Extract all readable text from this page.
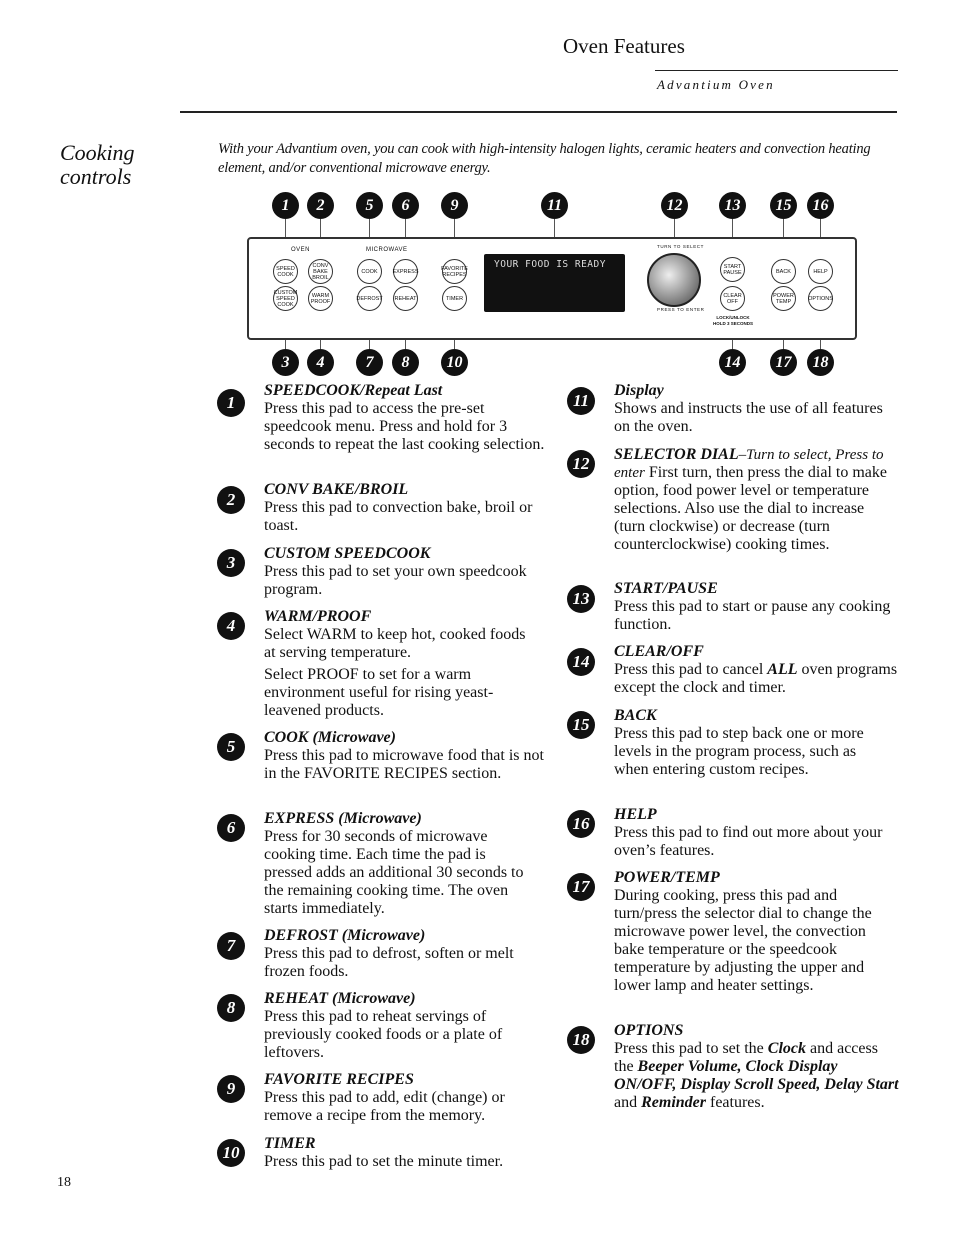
Oven Features
Advantium Oven
Cooking controls
With your Advantium oven, you can cook with high-intensity halogen lights, ceramic heaters and convection heating element, and/or conventional microwave energy.
1	2	5	6	9	11	12	13	15	16
3	4	7	8	10	14	17	18
OVEN	MICROWAVE
SPEED COOK
CONV BAKE BROIL
CUSTOM SPEED COOK
WARM PROOF
COOK	EXPRESS
DEFROST REHEAT
FAVORITE RECIPES
TIMER
START PAUSE
CLEAR OFF
BACK	HELP
POWER TEMP	OPTIONS
YOUR FOOD IS READY
TURN TO SELECT
PRESS TO ENTER
LOCK/UNLOCK HOLD 3 SECONDS
1
SPEEDCOOK/Repeat Last
Press this pad to access the pre-set speedcook menu. Press and hold for 3 seconds to repeat the last cooking selection.
2
CONV BAKE/BROIL
Press this pad to convection bake, broil or toast.
3	CUSTOM SPEEDCOOK
Press this pad to set your own speedcook program.
4	WARM/PROOF
Select WARM to keep hot, cooked foods at serving temperature.
Select PROOF to set for a warm environment useful for rising yeast-leavened products.
5	COOK (Microwave)
Press this pad to microwave food that is not in the FAVORITE RECIPES section.
6	EXPRESS (Microwave)
Press for 30 seconds of microwave cooking time. Each time the pad is pressed adds an additional 30 seconds to the remaining cooking time. The oven starts immediately.
7
DEFROST (Microwave)
Press this pad to defrost, soften or melt frozen foods.
8	REHEAT (Microwave)
Press this pad to reheat servings of previously cooked foods or a plate of leftovers.
9	FAVORITE RECIPES
Press this pad to add, edit (change) or remove a recipe from the memory.
10	TIMER
Press this pad to set the minute timer.
11
Display
Shows and instructs the use of all features on the oven.
12	SELECTOR DIAL–Turn to select, Press to enter First turn, then press the dial to make option, food power level or temperature selections. Also use the dial to increase (turn clockwise) or decrease (turn counterclockwise) cooking times.
13
START/PAUSE
Press this pad to start or pause any cooking function.
14
CLEAR/OFF
Press this pad to cancel ALL oven programs except the clock and timer.
15	BACK
Press this pad to step back one or more levels in the program process, such as when entering custom recipes.
16	HELP
Press this pad to find out more about your oven’s features.
17	POWER/TEMP
During cooking, press this pad and turn/press the selector dial to change the microwave power level, the convection bake temperature or the speedcook temperature by adjusting the upper and lower lamp and heater settings.
18	OPTIONS
Press this pad to set the Clock and access the Beeper Volume, Clock Display ON/OFF, Display Scroll Speed, Delay Start and Reminder features.
18
